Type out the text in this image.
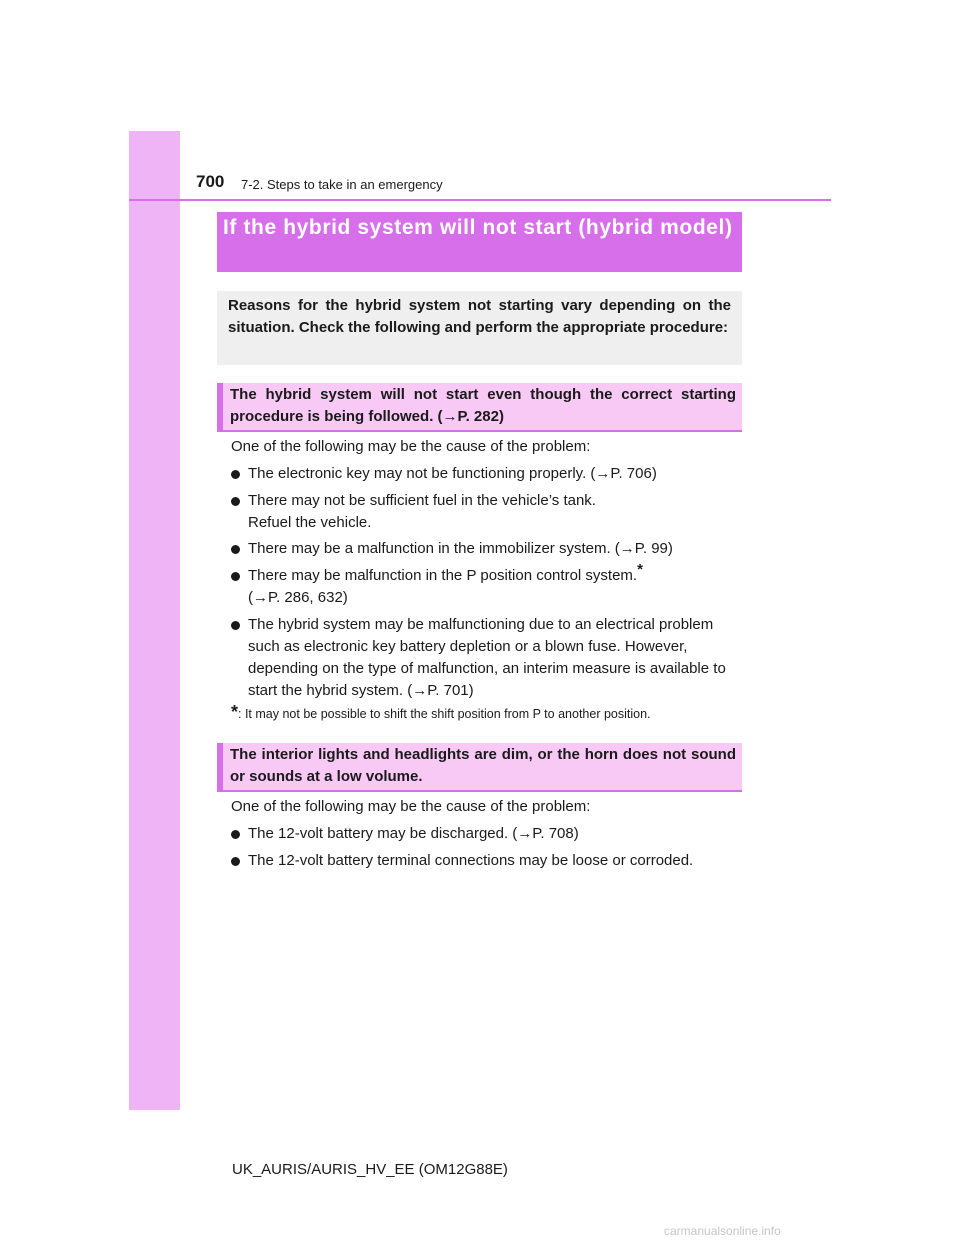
700 7-2. Steps to take in an emergency
If the hybrid system will not start (hybrid model)
Reasons for the hybrid system not starting vary depending on the situation. Check the following and perform the appropriate procedure:
The hybrid system will not start even though the correct starting procedure is being followed. (→P. 282)
One of the following may be the cause of the problem:
The electronic key may not be functioning properly. (→P. 706)
There may not be sufficient fuel in the vehicle’s tank.
Refuel the vehicle.
There may be a malfunction in the immobilizer system. (→P. 99)
There may be malfunction in the P position control system.*
(→P. 286, 632)
The hybrid system may be malfunctioning due to an electrical problem such as electronic key battery depletion or a blown fuse. However, depending on the type of malfunction, an interim measure is available to start the hybrid system. (→P. 701)
*: It may not be possible to shift the shift position from P to another position.
The interior lights and headlights are dim, or the horn does not sound or sounds at a low volume.
One of the following may be the cause of the problem:
The 12-volt battery may be discharged. (→P. 708)
The 12-volt battery terminal connections may be loose or corroded.
UK_AURIS/AURIS_HV_EE (OM12G88E)
carmanualsonline.info
